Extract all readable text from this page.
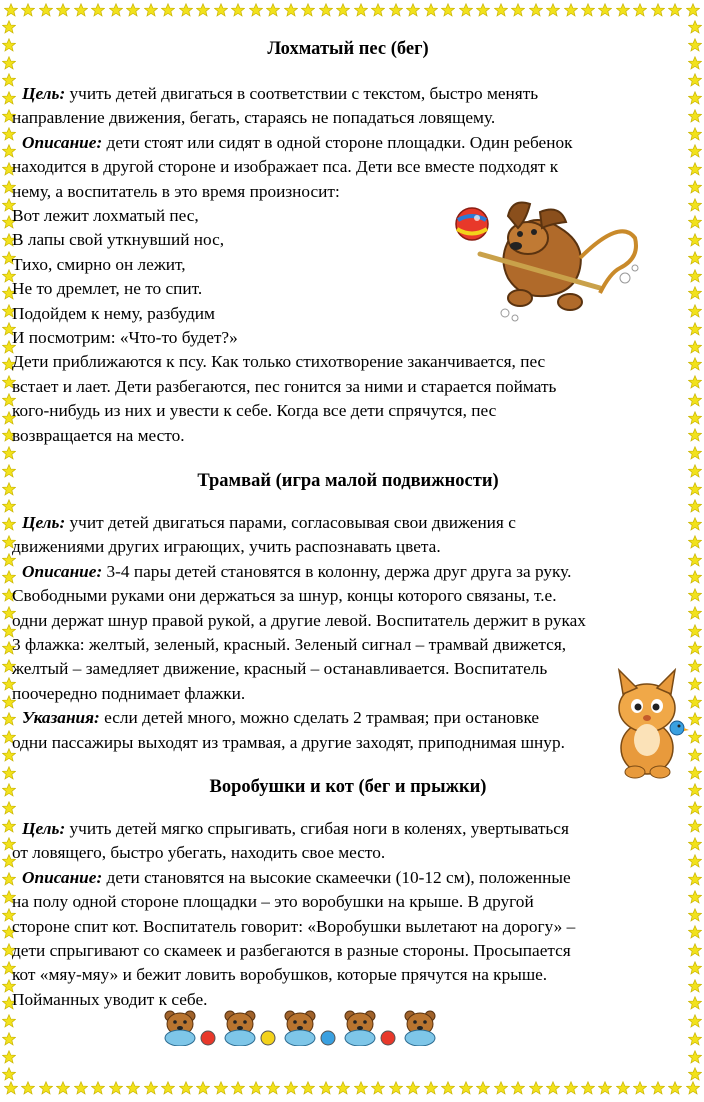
Лохматый пес (бег)
Цель: учить детей двигаться в соответствии с текстом, быстро менять
направление движения, бегать, стараясь не попадаться ловящему.
Описание: дети стоят или сидят в одной стороне площадки. Один ребенок
находится в другой стороне и изображает пса. Дети все вместе подходят к
нему, а воспитатель в это время произносит:
Вот лежит лохматый пес,
В лапы свой уткнувший нос,
Тихо, смирно он лежит,
Не то дремлет, не то спит.
Подойдем к нему, разбудим
И посмотрим: «Что-то будет?»
Дети приближаются к псу. Как только стихотворение заканчивается, пес
встает и лает. Дети разбегаются, пес гонится за ними и старается поймать
кого-нибудь из них и увести к себе. Когда все дети спрячутся, пес
возвращается на место.
Трамвай (игра малой подвижности)
Цель: учит детей двигаться парами, согласовывая свои движения с
движениями других играющих, учить распознавать цвета.
Описание: 3-4 пары детей становятся в колонну, держа друг друга за руку.
Свободными руками они держаться за шнур, концы которого связаны, т.е.
одни держат шнур правой рукой, а другие левой. Воспитатель держит в руках
3 флажка: желтый, зеленый, красный. Зеленый сигнал – трамвай движется,
желтый – замедляет движение, красный – останавливается. Воспитатель
поочередно поднимает флажки.
Указания: если детей много, можно сделать 2 трамвая; при остановке
одни пассажиры выходят из трамвая, а другие заходят, приподнимая шнур.
Воробушки и кот (бег и прыжки)
Цель: учить детей мягко спрыгивать, сгибая ноги в коленях, увертываться
от ловящего, быстро убегать, находить свое место.
Описание: дети становятся на высокие скамеечки (10-12 см), положенные
на полу одной стороне площадки – это воробушки на крыше. В другой
стороне спит кот. Воспитатель говорит: «Воробушки вылетают на дорогу» –
дети спрыгивают со скамеек и разбегаются в разные стороны. Просыпается
кот «мяу-мяу» и бежит ловить воробушков, которые прячутся на крыше.
Пойманных уводит к себе.
